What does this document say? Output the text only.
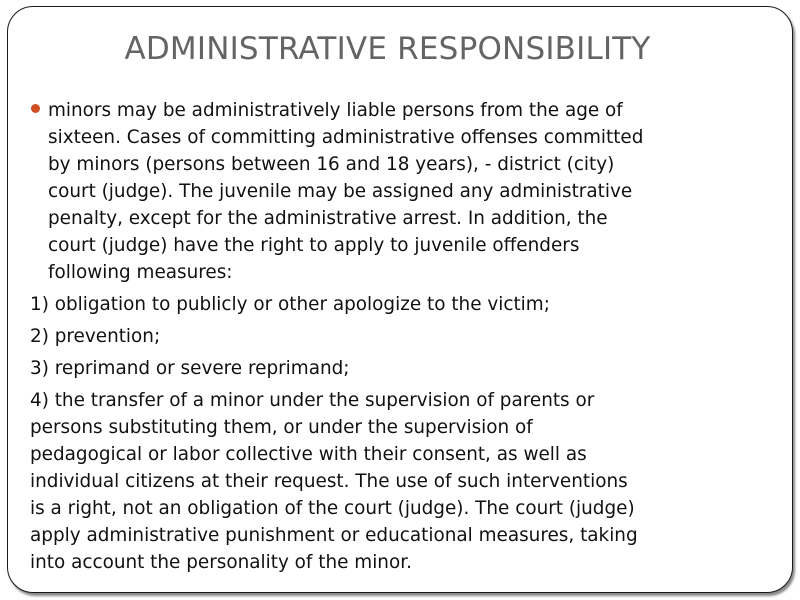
ADMINISTRATIVE RESPONSIBILITY
minors may be administratively liable persons from the age of
sixteen. Cases of committing administrative offenses committed
by minors (persons between 16 and 18 years), - district (city)
court (judge). The juvenile may be assigned any administrative
penalty, except for the administrative arrest. In addition, the
court (judge) have the right to apply to juvenile offenders
following measures:
1) obligation to publicly or other apologize to the victim;
2) prevention;
3) reprimand or severe reprimand;
4) the transfer of a minor under the supervision of parents or
persons substituting them, or under the supervision of
pedagogical or labor collective with their consent, as well as
individual citizens at their request. The use of such interventions
is a right, not an obligation of the court (judge). The court (judge)
apply administrative punishment or educational measures, taking
into account the personality of the minor.
